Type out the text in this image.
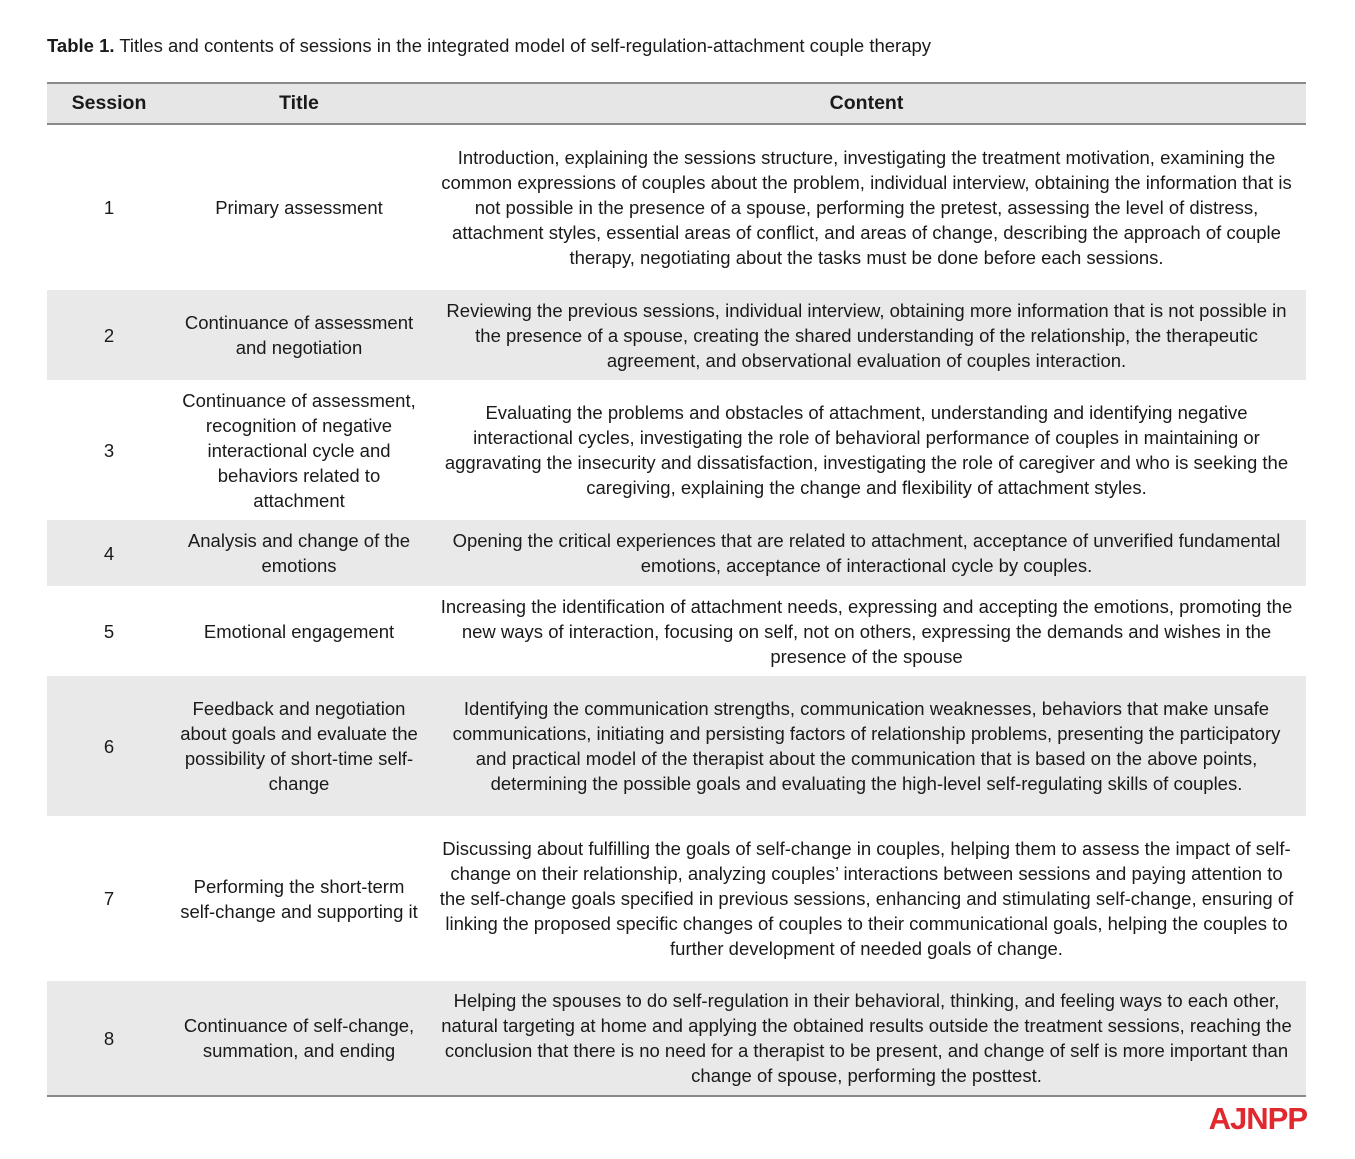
Table 1. Titles and contents of sessions in the integrated model of self-regulation-attachment couple therapy
Session	Title	Content
1	Primary assessment	Introduction, explaining the sessions structure, investigating the treatment motivation, examining the common expressions of couples about the problem, individual interview, obtaining the information that is not possible in the presence of a spouse, performing the pretest, assessing the level of distress, attachment styles, essential areas of conflict, and areas of change, describing the approach of couple therapy, negotiating about the tasks must be done before each sessions.
2	Continuance of assessment and negotiation	Reviewing the previous sessions, individual interview, obtaining more information that is not possible in the presence of a spouse, creating the shared understanding of the relationship, the therapeutic agreement, and observational evaluation of couples interaction.
3	Continuance of assessment, recognition of negative interactional cycle and behaviors related to attachment	Evaluating the problems and obstacles of attachment, understanding and identifying negative interactional cycles, investigating the role of behavioral performance of couples in maintaining or aggravating the insecurity and dissatisfaction, investigating the role of caregiver and who is seeking the caregiving, explaining the change and flexibility of attachment styles.
4	Analysis and change of the emotions	Opening the critical experiences that are related to attachment, acceptance of unverified fundamental emotions, acceptance of interactional cycle by couples.
5	Emotional engagement	Increasing the identification of attachment needs, expressing and accepting the emotions, promoting the new ways of interaction, focusing on self, not on others, expressing the demands and wishes in the presence of the spouse
6	Feedback and negotiation about goals and evaluate the possibility of short-time self-change	Identifying the communication strengths, communication weaknesses, behaviors that make unsafe communications, initiating and persisting factors of relationship problems, presenting the participatory and practical model of the therapist about the communication that is based on the above points, determining the possible goals and evaluating the high-level self-regulating skills of couples.
7	Performing the short-term self-change and supporting it	Discussing about fulfilling the goals of self-change in couples, helping them to assess the impact of self-change on their relationship, analyzing couples’ interactions between sessions and paying attention to the self-change goals specified in previous sessions, enhancing and stimulating self-change, ensuring of linking the proposed specific changes of couples to their communicational goals, helping the couples to further development of needed goals of change.
8	Continuance of self-change, summation, and ending	Helping the spouses to do self-regulation in their behavioral, thinking, and feeling ways to each other, natural targeting at home and applying the obtained results outside the treatment sessions, reaching the conclusion that there is no need for a therapist to be present, and change of self is more important than change of spouse, performing the posttest.
AJNPP
